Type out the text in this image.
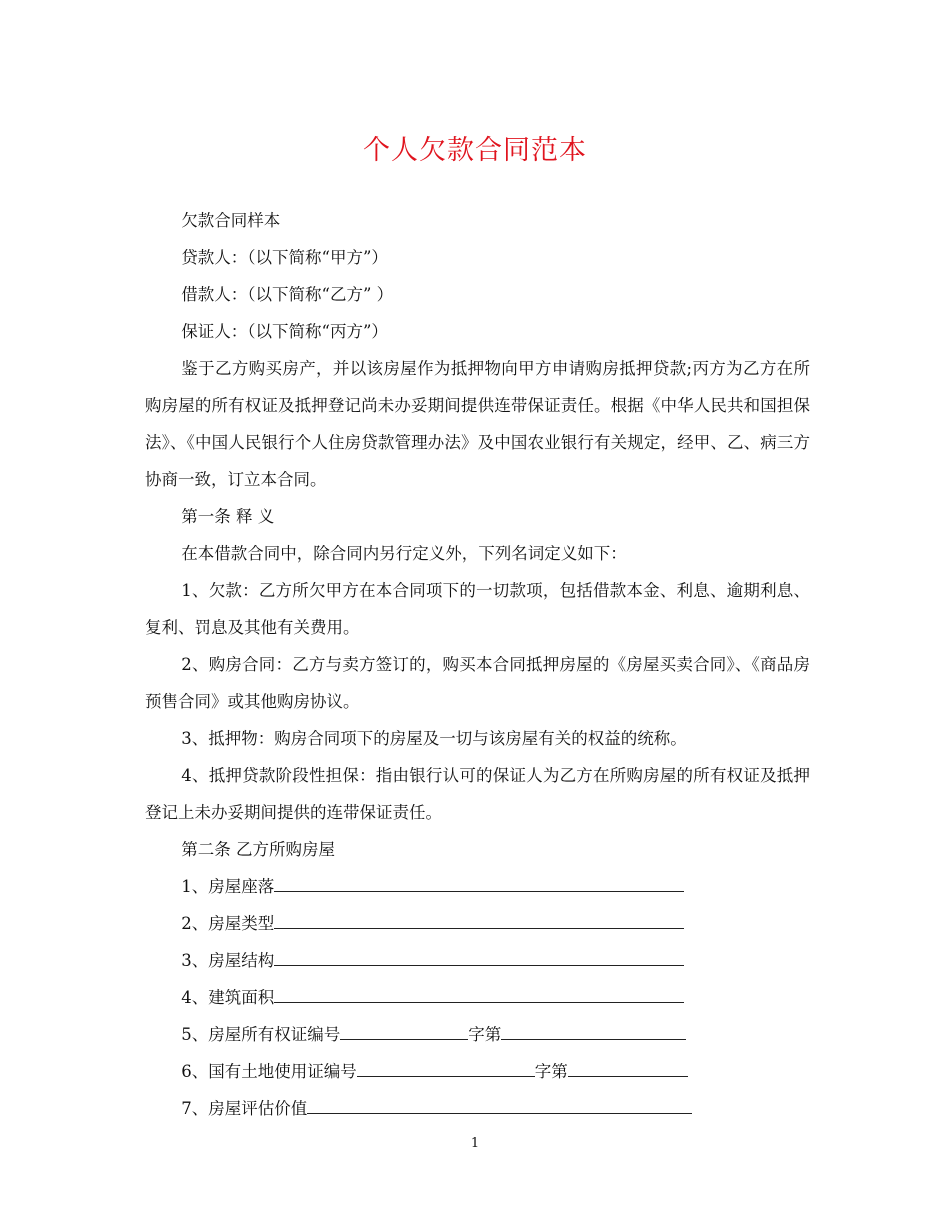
个人欠款合同范本

欠款合同样本

贷款人：（以下简称“甲方”）

借款人：（以下简称“乙方” ）

保证人：（以下简称“丙方”）

鉴于乙方购买房产，并以该房屋作为抵押物向甲方申请购房抵押贷款;丙方为乙方在所购房屋的所有权证及抵押登记尚未办妥期间提供连带保证责任。根据《中华人民共和国担保法》、《中国人民银行个人住房贷款管理办法》及中国农业银行有关规定，经甲、乙、病三方协商一致，订立本合同。

第一条 释 义

在本借款合同中，除合同内另行定义外，下列名词定义如下：

1、欠款：乙方所欠甲方在本合同项下的一切款项，包括借款本金、利息、逾期利息、复利、罚息及其他有关费用。

2、购房合同：乙方与卖方签订的，购买本合同抵押房屋的《房屋买卖合同》、《商品房预售合同》或其他购房协议。

3、抵押物：购房合同项下的房屋及一切与该房屋有关的权益的统称。

4、抵押贷款阶段性担保：指由银行认可的保证人为乙方在所购房屋的所有权证及抵押登记上未办妥期间提供的连带保证责任。

第二条 乙方所购房屋

1、房屋座落

2、房屋类型

3、房屋结构

4、建筑面积

5、房屋所有权证编号	字第

6、国有土地使用证编号	字第

7、房屋评估价值

1
